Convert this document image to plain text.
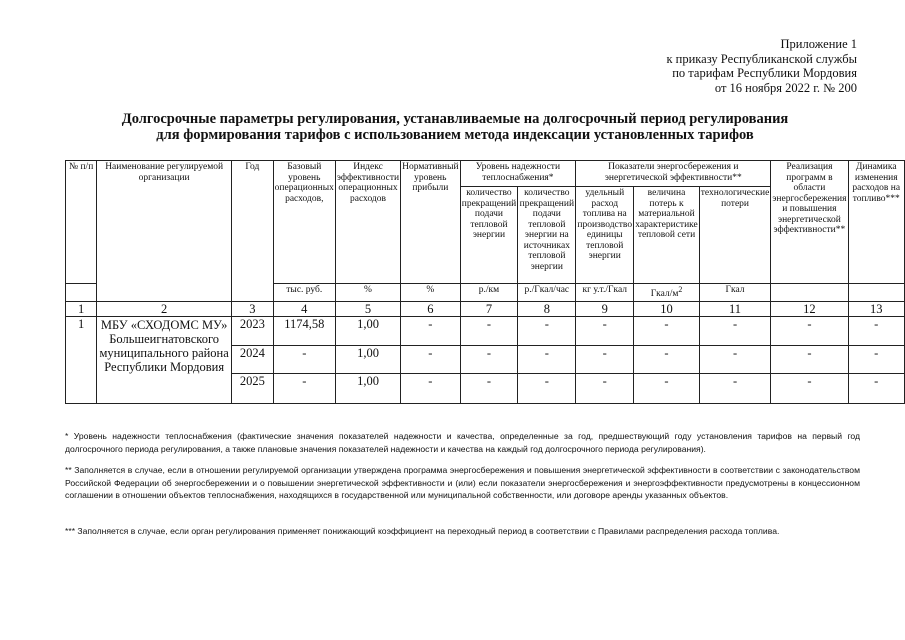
Приложение 1
к приказу Республиканской службы
по тарифам Республики Мордовия
от 16 ноября 2022 г. № 200
Долгосрочные параметры регулирования, устанавливаемые на долгосрочный период регулирования
для формирования тарифов с использованием метода индексации установленных тарифов
№ п/п	Наименование регулируемой организации	Год	Базовый уровень операционных расходов,	Индекс эффективности операционных расходов	Нормативный уровень прибыли	Уровень надежности теплоснабжения*		Показатели энергосбережения и энергетической эффективности**			Реализация программ в области энергосбережения и повышения энергетической эффективности**	Динамика изменения расходов на топливо***
						количество прекращений подачи тепловой энергии	количество прекращений подачи тепловой энергии на источниках тепловой энергии	удельный расход топлива на производство единицы тепловой энергии	величина потерь к материальной характеристике тепловой сети	технологические потери		
			тыс. руб.	%	%	р./км	р./Гкал/час	кг у.т./Гкал	Гкал/$м^2$	Гкал		
1	2	3	4	5	6	7	8	9	10	11	12	13
1	МБУ «СХОДОМС МУ» Большеигнатовского муниципального района Республики Мордовия	2023	1174,58	1,00	-	-	-	-	-	-	-	-
		2024	-	1,00	-	-	-	-	-	-	-	-
		2025	-	1,00	-	-	-	-	-	-	-	-
* Уровень надежности теплоснабжения (фактические значения показателей надежности и качества, определенные за год, предшествующий году установления тарифов на первый год долгосрочного периода регулирования, а также плановые значения показателей надежности и качества на каждый год долгосрочного периода регулирования).
** Заполняется в случае, если в отношении регулируемой организации утверждена программа энергосбережения и повышения энергетической эффективности в соответствии с законодательством Российской Федерации об энергосбережении и о повышении энергетической эффективности и (или) если показатели энергосбережения и энергоэффективности предусмотрены в концессионном соглашении в отношении объектов теплоснабжения, находящихся в государственной или муниципальной собственности, или договоре аренды указанных объектов.
*** Заполняется в случае, если орган регулирования применяет понижающий коэффициент на переходный период в соответствии с Правилами распределения расхода топлива.
